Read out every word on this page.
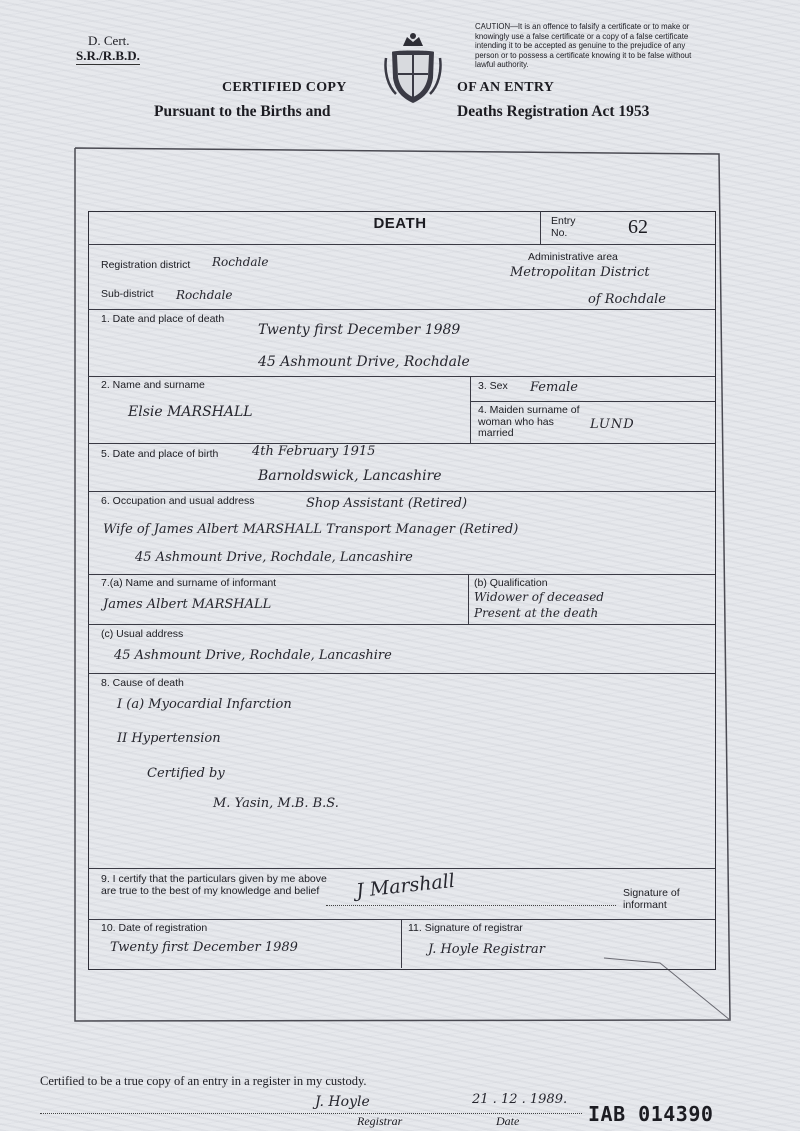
D. Cert.
S.R./R.B.D.
CAUTION—It is an offence to falsify a certificate or to make or knowingly use a false certificate or a copy of a false certificate intending it to be accepted as genuine to the prejudice of any person or to possess a certificate knowing it to be false without lawful authority.
CERTIFIED COPY	OF AN ENTRY
Pursuant to the Births and	Deaths Registration Act 1953
DEATH	Entry No.	62
Registration district Rochdale	Administrative area
Metropolitan District
of Rochdale
Sub-district Rochdale
1. Date and place of death
Twenty first December 1989
45 Ashmount Drive, Rochdale
2. Name and surname
Elsie MARSHALL
3. Sex Female
4. Maiden surname of woman who has married
LUND
5. Date and place of birth	4th February 1915
Barnoldswick, Lancashire
6. Occupation and usual address	Shop Assistant (Retired)
Wife of James Albert MARSHALL Transport Manager (Retired)
45 Ashmount Drive, Rochdale, Lancashire
7.(a) Name and surname of informant
James Albert MARSHALL
(b) Qualification
Widower of deceased
Present at the death
(c) Usual address
45 Ashmount Drive, Rochdale, Lancashire
8. Cause of death
I (a) Myocardial Infarction
II Hypertension
Certified by
M. Yasin, M.B. B.S.
9. I certify that the particulars given by me above are true to the best of my knowledge and belief	Signature of informant
J Marshall
10. Date of registration
Twenty first December 1989
11. Signature of registrar
J. Hoyle Registrar
Certified to be a true copy of an entry in a register in my custody.
J. Hoyle
Registrar
21 . 12 . 1989.
Date	IAB 014390
